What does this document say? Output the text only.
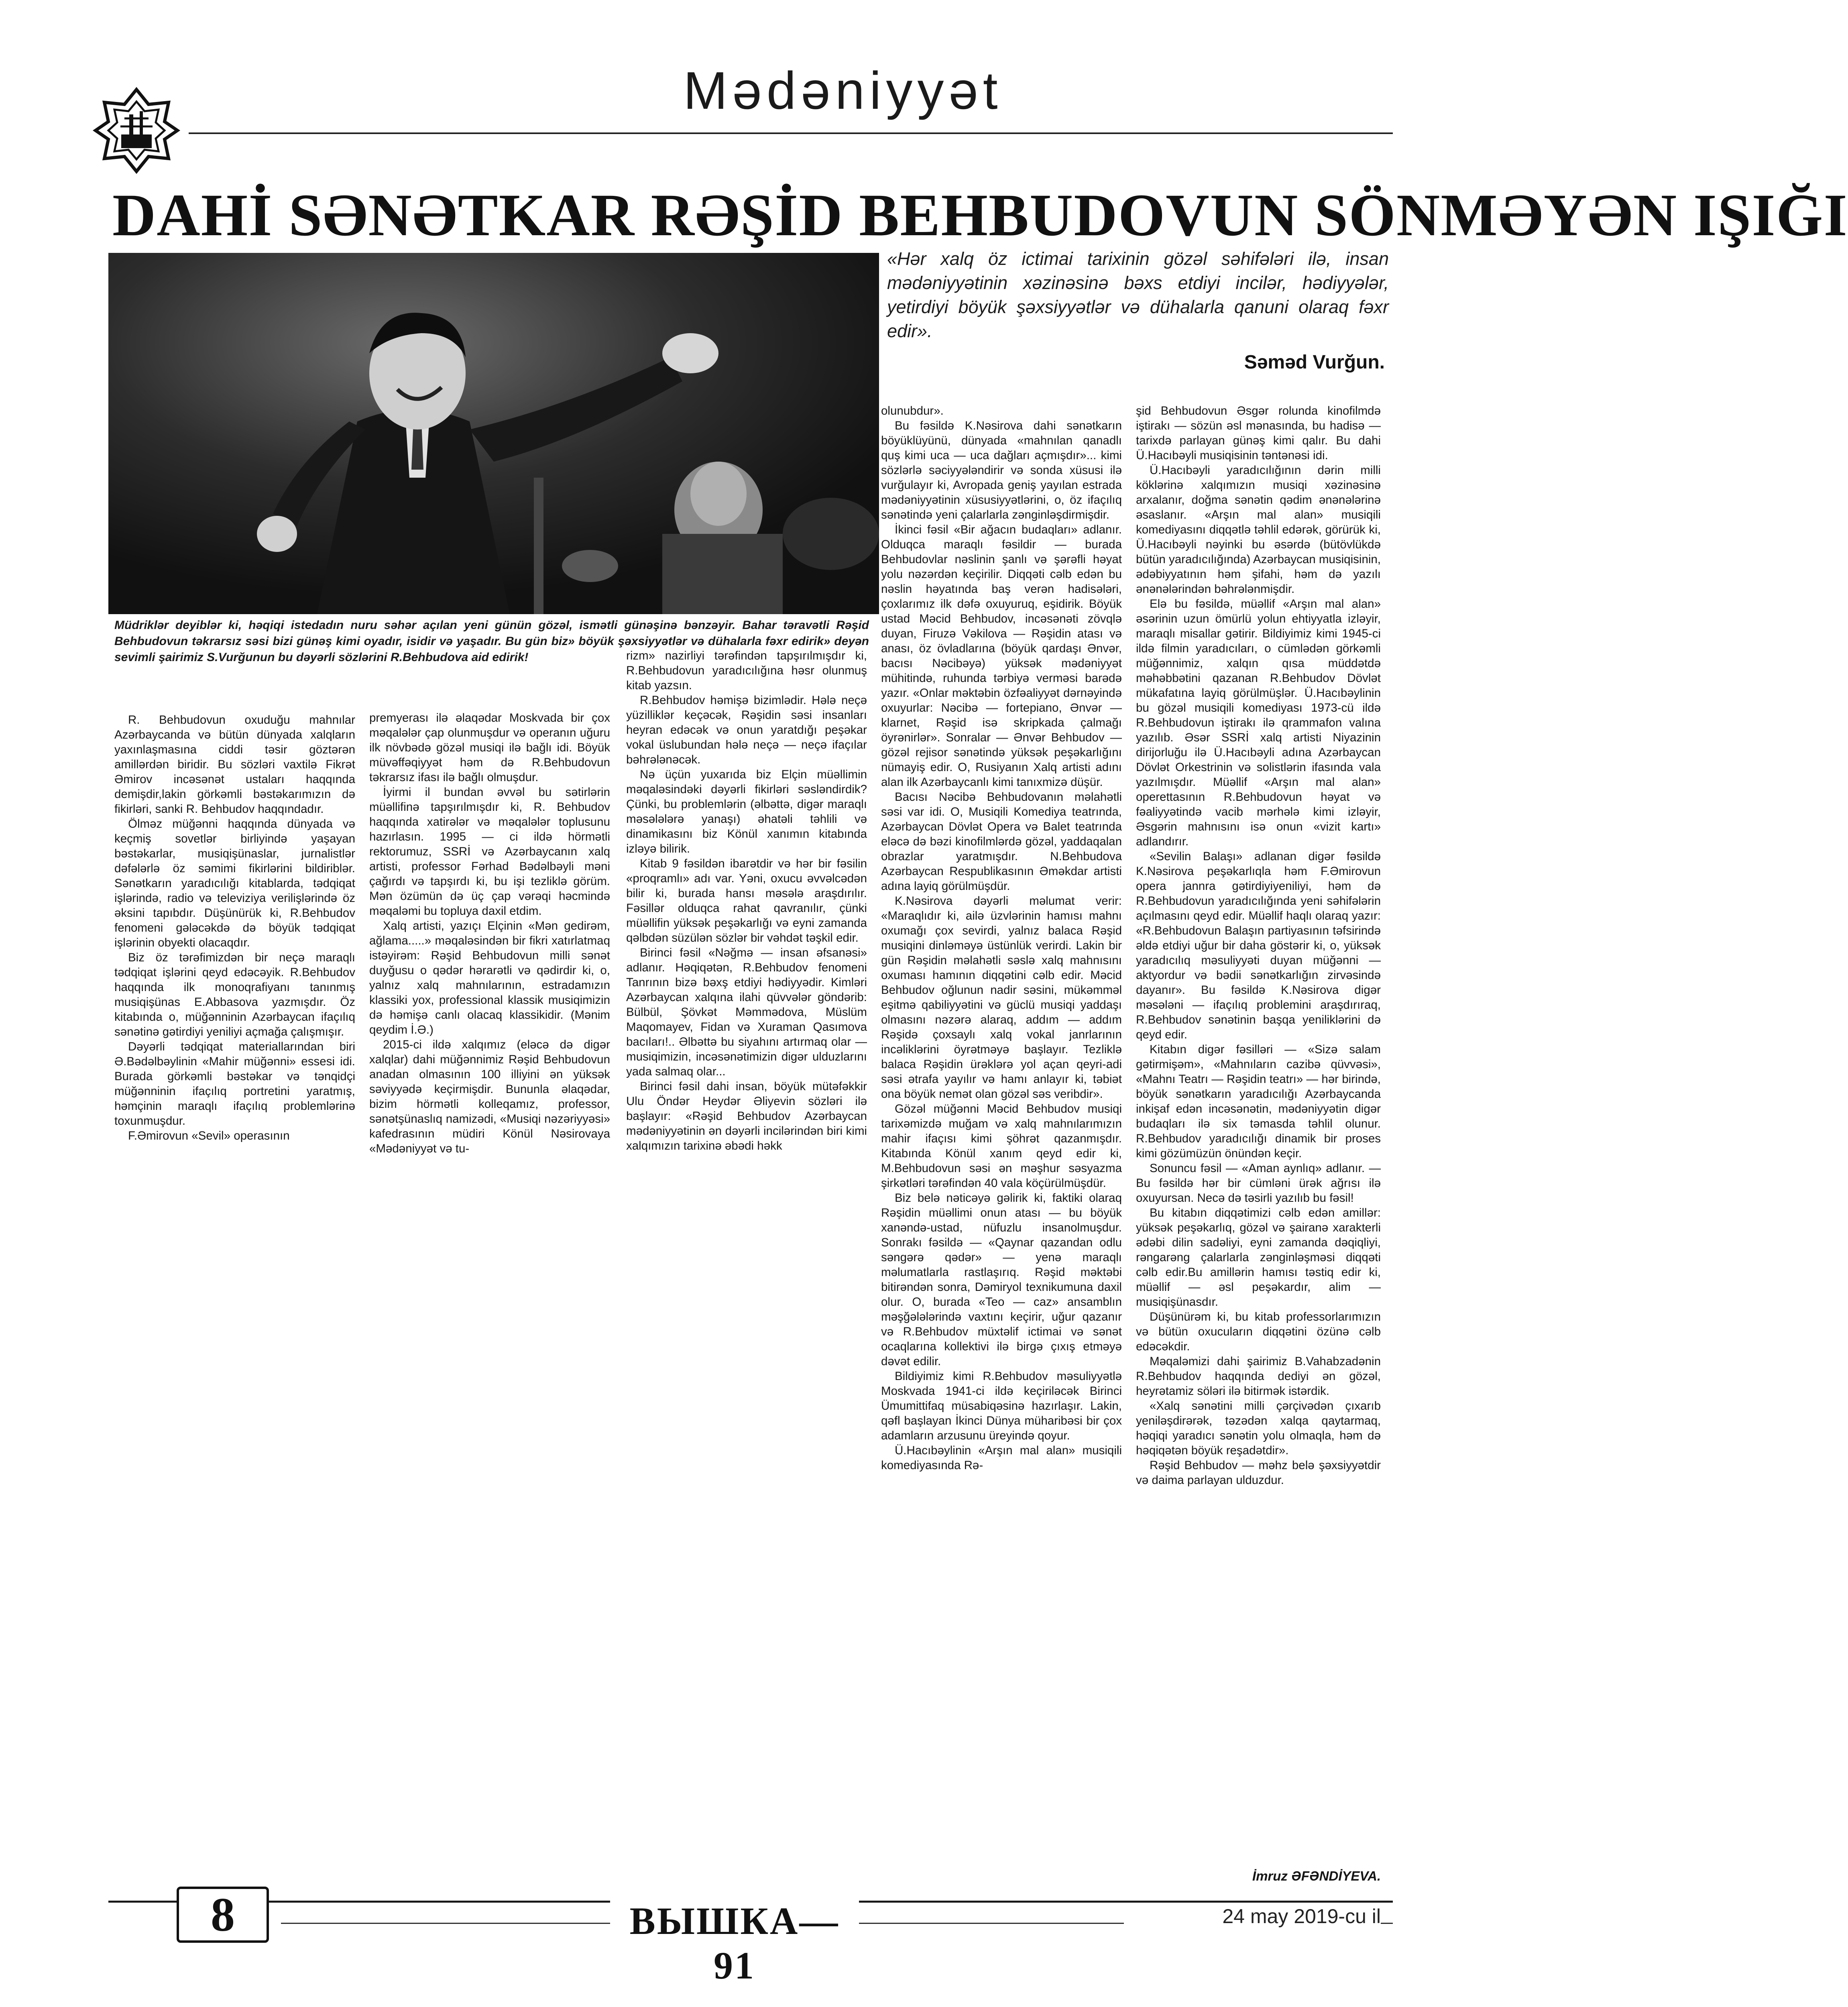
Mədəniyyət
DAHİ SƏNƏTKAR RƏŞİD BEHBUDOVUN SÖNMƏYƏN IŞIĞI
Müdriklər deyiblər ki, həqiqi istedadın nuru səhər açılan yeni günün gözəl, ismətli günəşinə bənzəyir. Bahar təravətli Rəşid Behbudovun təkrarsız səsi bizi günəş kimi oyadır, isidir və yaşadır. Bu gün biz» böyük şəxsiyyətlər və dühalarla fəxr edirik» deyən sevimli şairimiz S.Vurğunun bu dəyərli sözlərini R.Behbudova aid edirik!
«Hər xalq öz ictimai tarixinin gözəl səhifələri ilə, insan mədəniyyətinin xəzinəsinə bəxs etdiyi incilər, hədiyyələr, yetirdiyi böyük şəxsiyyətlər və dühalarla qanuni olaraq fəxr edir».
Səməd Vurğun.

R. Behbudovun oxuduğu mahnılar Azərbaycanda və bütün dünyada xalqların yaxınlaşmasına ciddi təsir göztərən amillərdən biridir. Bu sözləri vaxtilə Fikrət Əmirov incəsənət ustaları haqqında demişdir,lakin görkəmli bəstəkarımızın də fikirləri, sanki R. Behbudov haqqındadır.

Ölməz müğənni haqqında dünyada və keçmiş sovetlər birliyində yaşayan bəstəkarlar, musiqişünaslar, jurnalistlər dəfələrlə öz səmimi fikirlərini bildiriblər. Sənətkarın yaradıcılığı kitablarda, tədqiqat işlərində, radio və televiziya verilişlərində öz əksini tapıbdır. Düşünürük ki, R.Behbudov fenomeni gələcəkdə də böyük tədqiqat işlərinin obyekti olacaqdır.

Biz öz tərəfimizdən bir neçə maraqlı tədqiqat işlərini qeyd edəcəyik. R.Behbudov haqqında ilk monoqrafiyanı tanınmış musiqişünas E.Abbasova yazmışdır. Öz kitabında o, müğənninin Azərbaycan ifaçılıq sənətinə gətirdiyi yeniliyi açmağa çalışmışır.

Dəyərli tədqiqat materiallarından biri Ə.Bədəlbəylinin «Mahir müğənni» essesi idi. Burada görkəmli bəstəkar və tənqidçi müğənninin ifaçılıq portretini yaratmış, həmçinin maraqlı ifaçılıq problemlərinə toxunmuşdur.

F.Əmirovun «Sevil» operasının

premyerası ilə əlaqədar Moskvada bir çox məqalələr çap olunmuşdur və operanın uğuru ilk növbədə gözəl musiqi ilə bağlı idi. Böyük müvəffəqiyyət həm də R.Behbudovun təkrarsız ifası ilə bağlı olmuşdur.

İyirmi il bundan əvvəl bu sətirlərin müəllifinə tapşırılmışdır ki, R. Behbudov haqqında xatirələr və məqalələr toplusunu hazırlasın. 1995 — ci ildə hörmətli rektorumuz, SSRİ və Azərbaycanın xalq artisti, professor Fərhad Bədəlbəyli məni çağırdı və tapşırdı ki, bu işi tezliklə görüm. Mən özümün də üç çap vərəqi həcmində məqaləmi bu topluya daxil etdim.

Xalq artisti, yazıçı Elçinin «Mən gedirəm, ağlama.....» məqaləsindən bir fikri xatırlatmaq istəyirəm: Rəşid Behbudovun milli sənət duyğusu o qədər hərarətli və qədirdir ki, o, yalnız xalq mahnılarının, estradamızın klassiki yox, professional klassik musiqimizin də həmişə canlı olacaq klassikidir. (Mənim qeydim İ.Ə.)

2015-ci ildə xalqımız (eləcə də digər xalqlar) dahi müğənnimiz Rəşid Behbudovun anadan olmasının 100 illiyini ən yüksək səviyyədə keçirmişdir. Bununla əlaqədar, bizim hörmətli kolleqamız, professor, sənətşünaslıq namizədi, «Musiqi nəzəriyyəsi» kafedrasının müdiri Könül Nəsirovaya «Mədəniyyət və tu-

rizm» nazirliyi tərəfindən tapşırılmışdır ki, R.Behbudovun yaradıcılığına həsr olunmuş kitab yazsın.

R.Behbudov həmişə bizimlədir. Hələ neçə yüzilliklər keçəcək, Rəşidin səsi insanları heyran edəcək və onun yaratdığı peşəkar vokal üslubundan hələ neçə — neçə ifaçılar bəhrələnəcək.

Nə üçün yuxarıda biz Elçin müəllimin məqaləsindəki dəyərli fikirləri səsləndirdik? Çünki, bu problemlərin (əlbəttə, digər maraqlı məsələlərə yanaşı) əhatəli təhlili və dinamikasını biz Könül xanımın kitabında izləyə bilirik.

Kitab 9 fəsildən ibarətdir və hər bir fəsilin «proqramlı» adı var. Yəni, oxucu əvvəlcədən bilir ki, burada hansı məsələ araşdırılır. Fəsillər olduqca rahat qavranılır, çünki müəllifin yüksək peşəkarlığı və eyni zamanda qəlbdən süzülən sözlər bir vəhdət təşkil edir.

Birinci fəsil «Nəğmə — insan əfsanəsi» adlanır. Həqiqətən, R.Behbudov fenomeni Tanrının bizə bəxş etdiyi hədiyyədir. Kimləri Azərbaycan xalqına ilahi qüvvələr göndərib: Bülbül, Şövkət Məmmədova, Müslüm Maqomayev, Fidan və Xuraman Qasımova bacıları!.. Əlbəttə bu siyahını artırmaq olar — musiqimizin, incəsənətimizin digər ulduzlarını yada salmaq olar...

Birinci fəsil dahi insan, böyük mütəfəkkir Ulu Öndər Heydər Əliyevin sözləri ilə başlayır: «Rəşid Behbudov Azərbaycan mədəniyyətinin ən dəyərli incilərindən biri kimi xalqımızın tarixinə əbədi həkk

olunubdur».

Bu fəsildə K.Nəsirova dahi sənətkarın böyüklüyünü, dünyada «mahnılan qanadlı quş kimi uca — uca dağları açmışdır»... kimi sözlərlə səciyyələndirir və sonda xüsusi ilə vurğulayır ki, Avropada geniş yayılan estrada mədəniyyətinin xüsusiyyətlərini, o, öz ifaçılıq sənətində yeni çalarlarla zənginləşdirmişdir.

İkinci fəsil «Bir ağacın budaqları» adlanır. Olduqca maraqlı fəsildir — burada Behbudovlar nəslinin şanlı və şərəfli həyat yolu nəzərdən keçirilir. Diqqəti cəlb edən bu nəslin həyatında baş verən hadisələri, çoxlarımız ilk dəfə oxuyuruq, eşidirik. Böyük ustad Məcid Behbudov, incəsənəti zövqlə duyan, Firuzə Vəkilova — Rəşidin atası və anası, öz övladlarına (böyük qardaşı Ənvər, bacısı Nəcibəyə) yüksək mədəniyyət mühitində, ruhunda tərbiyə verməsi barədə yazır. «Onlar məktəbin özfəaliyyət dərnəyində oxuyurlar: Nəcibə — fortepiano, Ənvər — klarnet, Rəşid isə skripkada çalmağı öyrənirlər». Sonralar — Ənvər Behbudov — gözəl rejisor sənətində yüksək peşəkarlığını nümayiş edir. O, Rusiyanın Xalq artisti adını alan ilk Azərbaycanlı kimi tanıxmizə düşür.

Bacısı Nəcibə Behbudovanın məlahətli səsi var idi. O, Musiqili Komediya teatrında, Azərbaycan Dövlət Opera və Balet teatrında eləcə də bəzi kinofilmlərdə gözəl, yaddaqalan obrazlar yaratmışdır. N.Behbudova Azərbaycan Respublikasının Əməkdar artisti adına layiq görülmüşdür.

K.Nəsirova dəyərli məlumat verir: «Maraqlıdır ki, ailə üzvlərinin hamısı mahnı oxumağı çox sevirdi, yalnız balaca Rəşid musiqini dinləməyə üstünlük verirdi. Lakin bir gün Rəşidin məlahətli səslə xalq mahnısını oxuması hamının diqqətini cəlb edir. Məcid Behbudov oğlunun nadir səsini, mükəmməl eşitmə qabiliyyətini və güclü musiqi yaddaşı olmasını nəzərə alaraq, addım — addım Rəşidə çoxsaylı xalq vokal janrlarının incəliklərini öyrətməyə başlayır. Tezliklə balaca Rəşidin ürəklərə yol açan qeyri-adi səsi ətrafa yayılır və hamı anlayır ki, təbiət ona böyük nemət olan gözəl səs veribdir».

Gözəl müğənni Məcid Behbudov musiqi tarixəmizdə muğam və xalq mahnılarımızın mahir ifaçısı kimi şöhrət qazanmışdır. Kitabında Könül xanım qeyd edir ki, M.Behbudovun səsi ən məşhur səsyazma şirkətləri tərəfindən 40 vala köçürülmüşdür.

Biz belə nəticəyə gəlirik ki, faktiki olaraq Rəşidin müəllimi onun atası — bu böyük xanəndə-ustad, nüfuzlu insanolmuşdur. Sonrakı fəsildə — «Qaynar qazandan odlu səngərə qədər» — yenə maraqlı məlumatlarla rastlaşırıq. Rəşid məktəbi bitirəndən sonra, Dəmiryol texnikumuna daxil olur. O, burada «Teo — caz» ansamblın məşğələlərində vaxtını keçirir, uğur qazanır və R.Behbudov müxtəlif ictimai və sənət ocaqlarına kollektivi ilə birgə çıxış etməyə dəvət edilir.

Bildiyimiz kimi R.Behbudov məsuliyyətlə Moskvada 1941-ci ildə keçiriləcək Birinci Ümumittifaq müsabiqəsinə hazırlaşır. Lakin, qəfl başlayan İkinci Dünya müharibəsi bir çox adamların arzusunu üreyində qoyur.

Ü.Hacıbəylinin «Arşın mal alan» musiqili komediyasında Rə-

şid Behbudovun Əsgər rolunda kinofilmdə iştirakı — sözün əsl mənasında, bu hadisə — tarixdə parlayan günəş kimi qalır. Bu dahi Ü.Hacıbəyli musiqisinin təntənəsi idi.

Ü.Hacıbəyli yaradıcılığının dərin milli köklərinə xalqımızın musiqi xəzinəsinə arxalanır, doğma sənətin qədim ənənələrinə əsaslanır. «Arşın mal alan» musiqili komediyasını diqqətlə təhlil edərək, görürük ki, Ü.Hacıbəyli nəyinki bu əsərdə (bütövlükdə bütün yaradıcılığında) Azərbaycan musiqisinin, ədəbiyyatının həm şifahi, həm də yazılı ənənələrindən bəhrələnmişdir.

Elə bu fəsildə, müəllif «Arşın mal alan» əsərinin uzun ömürlü yolun ehtiyyatla izləyir, maraqlı misallar gətirir. Bildiyimiz kimi 1945-ci ildə filmin yaradıcıları, o cümlədən görkəmli müğənnimiz, xalqın qısa müddətdə məhəbbətini qazanan R.Behbudov Dövlət mükafatına layiq görülmüşlər. Ü.Hacıbəylinin bu gözəl musiqili komediyası 1973-cü ildə R.Behbudovun iştirakı ilə qrammafon valına yazılıb. Əsər SSRİ xalq artisti Niyazinin dirijorluğu ilə Ü.Hacıbəyli adına Azərbaycan Dövlət Orkestrinin və solistlərin ifasında vala yazılmışdır. Müəllif «Arşın mal alan» operettasının R.Behbudovun həyat və fəaliyyətində vacib mərhələ kimi izləyir, Əsgərin mahnısını isə onun «vizit kartı» adlandırır.

«Sevilin Balaşı» adlanan digər fəsildə K.Nəsirova peşəkarlıqla həm F.Əmirovun opera jannra gətirdiyiyeniliyi, həm də R.Behbudovun yaradıcılığında yeni səhifələrin açılmasını qeyd edir. Müəllif haqlı olaraq yazır: «R.Behbudovun Balaşın partiyasının təfsirində əldə etdiyi uğur bir daha göstərir ki, o, yüksək yaradıcılıq məsuliyyəti duyan müğənni — aktyordur və bədii sənətkarlığın zirvəsində dayanır». Bu fəsildə K.Nəsirova digər məsələni — ifaçılıq problemini araşdırıraq, R.Behbudov sənətinin başqa yeniliklərini də qeyd edir.

Kitabın digər fəsilləri — «Sizə salam gətirmişəm», «Mahnıların cazibə qüvvəsi», «Mahnı Teatrı — Rəşidin teatrı» — hər birində, böyük sənətkarın yaradıcılığı Azərbaycanda inkişaf edən incəsənətin, mədəniyyətin digər budaqları ilə six təmasda təhlil olunur. R.Behbudov yaradıcılığı dinamik bir proses kimi gözümüzün önündən keçir.

Sonuncu fəsil — «Aman aynlıq» adlanır. — Bu fəsildə hər bir cümləni ürək ağrısı ilə oxuyursan. Necə də təsirli yazılıb bu fəsil!

Bu kitabın diqqətimizi cəlb edən amillər: yüksək peşəkarlıq, gözəl və şairanə xarakterli ədəbi dilin sadəliyi, eyni zamanda dəqiqliyi, rəngarəng çalarlarla zənginləşməsi diqqəti cəlb edir.Bu amillərin hamısı təstiq edir ki, müəllif — əsl peşəkardır, alim — musiqişünasdır.

Düşünürəm ki, bu kitab professorlarımızın və bütün oxucuların diqqətini özünə cəlb edəcəkdir.

Məqaləmizi dahi şairimiz B.Vahabzadənin R.Behbudov haqqında dediyi ən gözəl, heyrətamiz söləri ilə bitirmək istərdik.

«Xalq sənətini milli çərçivədən çıxarıb yeniləşdirərək, təzədən xalqa qaytarmaq, həqiqi yaradıcı sənətin yolu olmaqla, həm də həqiqətən böyük reşadətdir».

Rəşid Behbudov — məhz belə şəxsiyyətdir və daima parlayan ulduzdur.

İmruz ƏFƏNDİYEVA.
8	ВЫШКА—91
24 may 2019-cu il
